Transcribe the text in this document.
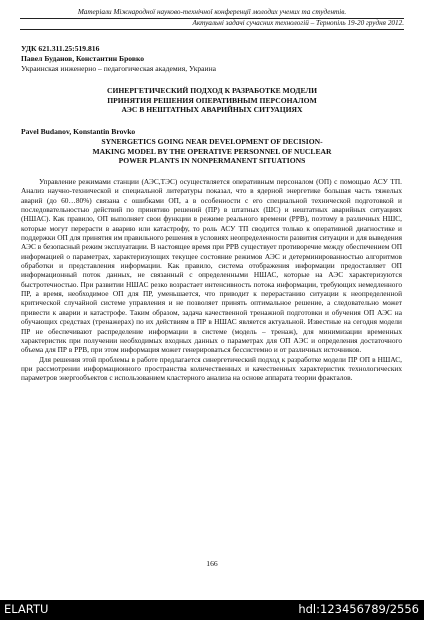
Матеріали Міжнародної науково-технічної конференції молодих учених та студентів.
Актуальні задачі сучасних технологій – Тернопіль 19-20 грудня 2012.
УДК 621.311.25:519.816
Павел Буданов, Константин Бровко
Украинская инженерно – педагогическая академия, Украина
СИНЕРГЕТИЧЕСКИЙ ПОДХОД К РАЗРАБОТКЕ МОДЕЛИ
ПРИНЯТИЯ РЕШЕНИЯ ОПЕРАТИВНЫМ ПЕРСОНАЛОМ
АЭС В НЕШТАТНЫХ АВАРИЙНЫХ СИТУАЦИЯХ
Pavel Budanov, Konstantin Brovko
SYNERGETICS GOING NEAR DEVELOPMENT OF DECISION-
MAKING MODEL BY THE OPERATIVE PERSONNEL OF NUCLEAR
POWER PLANTS IN NONPERMANENT SITUATIONS

Управление режимами станции (АЭС,ТЭС) осуществляется оперативным персоналом (ОП) с помощью АСУ ТП. Анализ научно-технической и специальной литературы показал, что в ядерной энергетике большая часть тяжелых аварий (до 60…80%) связана с ошибками ОП, а в особенности с его специальной технической подготовкой и последовательностью действий по принятию решений (ПР) в штатных (ШС) и нештатных аварийных ситуациях (НШАС). Как правило, ОП выполняет свои функции в режиме реального времени (РРВ), поэтому в различных НШС, которые могут перерасти в аварию или катастрофу, то роль АСУ ТП сводится только к оперативной диагностике и поддержки ОП для принятия им правильного решения в условиях неопределенности развития ситуации и для выведения АЭС в безопасный режим эксплуатации. В настоящее время при РРВ существует противоречие между обеспечением ОП информацией о параметрах, характеризующих текущее состояние режимов АЭС и детерминированностью алгоритмов обработки и представления информации. Как правило, система отображения информации предоставляет ОП информационный поток данных, не связанный с определенными НШАС, которые на АЭС характеризуются быстротечностью. При развитии НШАС резко возрастает интенсивность потока информации, требующих немедленного ПР, а время, необходимое ОП для ПР, уменьшается, что приводит к перерастанию ситуации к неопределенной критической случайной системе управления и не позволяет принять оптимальное решение, а следовательно может привести к аварии и катастрофе. Таким образом, задача качественной тренажной подготовки и обучения ОП АЭС на обучающих средствах (тренажерах) по их действиям в ПР в НШАС является актуальной. Известные на сегодня модели ПР не обеспечивают распределение информации в системе (модель – тренаж), для минимизации временных характеристик при получении необходимых входных данных о параметрах для ОП АЭС и определения достаточного объема для ПР в РРВ, при этом информация может генерироваться бессистемно и от различных источников.

Для решения этой проблемы в работе предлагается синергетический подход к разработке модели ПР ОП в НШАС, при рассмотрении информационного пространства количественных и качественных характеристик технологических параметров энергообъектов с использованием кластерного анализа на основе аппарата теории фракталов.

166
ELARTU	hdl:123456789/2556
